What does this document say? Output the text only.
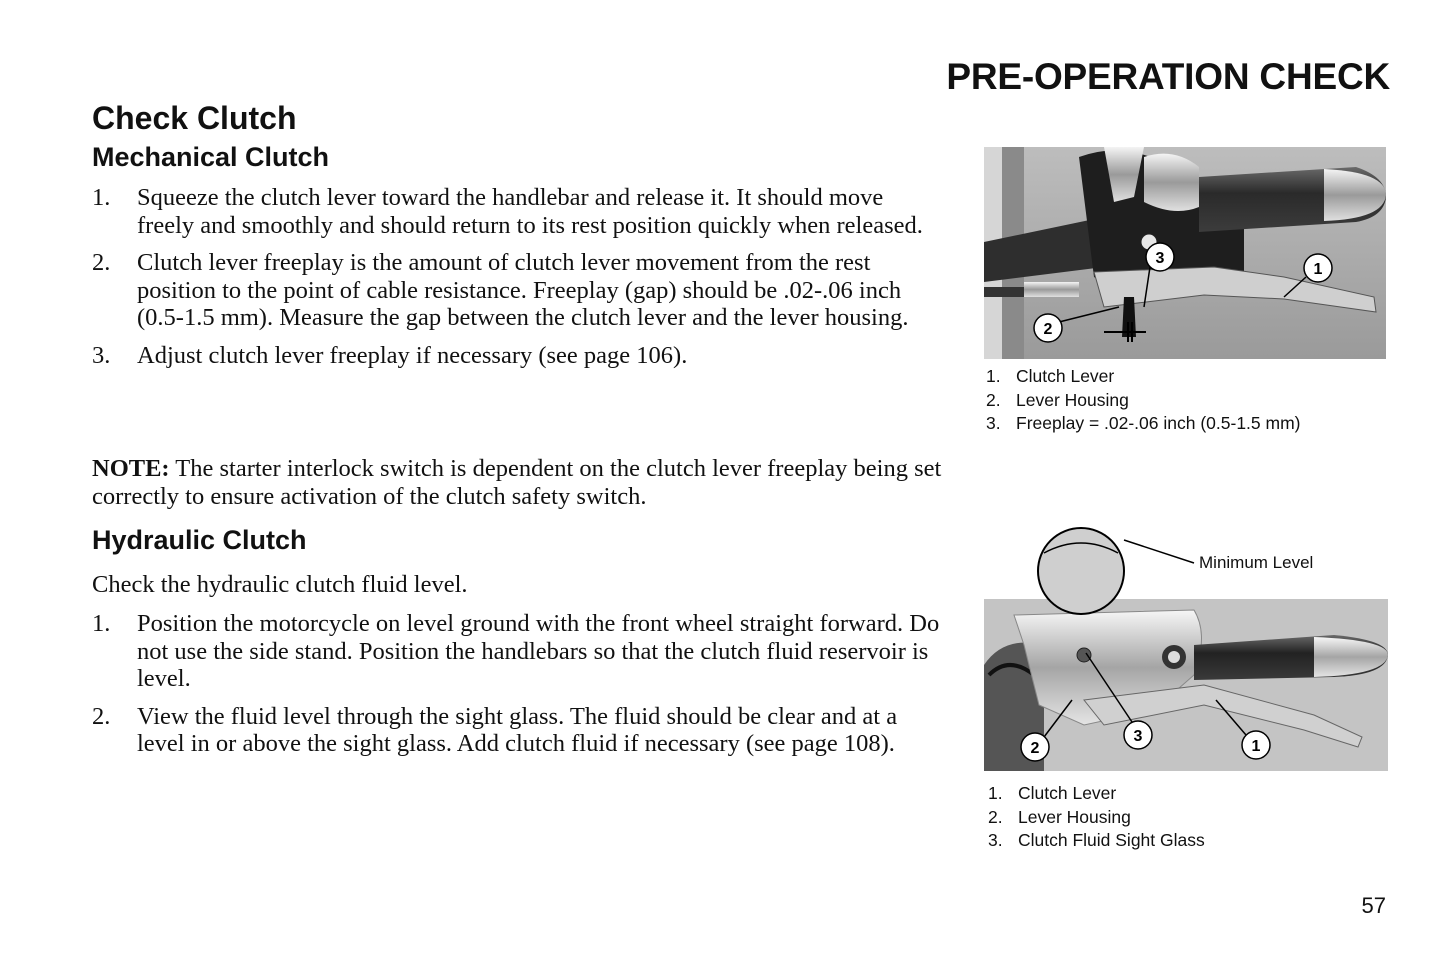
PRE-OPERATION CHECK
Check Clutch
Mechanical Clutch
1. Squeeze the clutch lever toward the handlebar and release it. It should move freely and smoothly and should return to its rest position quickly when released.
2. Clutch lever freeplay is the amount of clutch lever movement from the rest position to the point of cable resistance. Freeplay (gap) should be .02-.06 inch (0.5-1.5 mm). Measure the gap between the clutch lever and the lever housing.
3. Adjust clutch lever freeplay if necessary (see page 106).
NOTE: The starter interlock switch is dependent on the clutch lever freeplay being set correctly to ensure activation of the clutch safety switch.
Hydraulic Clutch
Check the hydraulic clutch fluid level.
1. Position the motorcycle on level ground with the front wheel straight forward. Do not use the side stand. Position the handlebars so that the clutch fluid reservoir is level.
2. View the fluid level through the sight glass. The fluid should be clear and at a level in or above the sight glass. Add clutch fluid if necessary (see page 108).
3
1
2
1. Clutch Lever
2. Lever Housing
3. Freeplay = .02-.06 inch (0.5-1.5 mm)
Minimum Level
3
2	1
1. Clutch Lever
2. Lever Housing
3. Clutch Fluid Sight Glass
57
